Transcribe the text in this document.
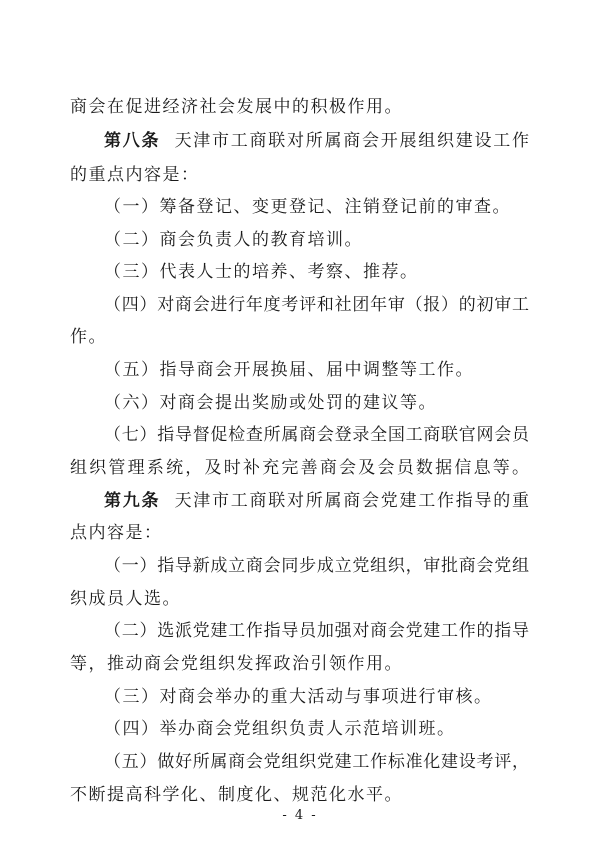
商会在促进经济社会发展中的积极作用。
第八条 天津市工商联对所属商会开展组织建设工作
的重点内容是：
（一）筹备登记、变更登记、注销登记前的审查。
（二）商会负责人的教育培训。
（三）代表人士的培养、考察、推荐。
（四）对商会进行年度考评和社团年审（报）的初审工
作。
（五）指导商会开展换届、届中调整等工作。
（六）对商会提出奖励或处罚的建议等。
（七）指导督促检查所属商会登录全国工商联官网会员
组织管理系统，及时补充完善商会及会员数据信息等。
第九条 天津市工商联对所属商会党建工作指导的重
点内容是：
（一）指导新成立商会同步成立党组织，审批商会党组
织成员人选。
（二）选派党建工作指导员加强对商会党建工作的指导
等，推动商会党组织发挥政治引领作用。
（三）对商会举办的重大活动与事项进行审核。
（四）举办商会党组织负责人示范培训班。
（五）做好所属商会党组织党建工作标准化建设考评，
不断提高科学化、制度化、规范化水平。
- 4 -
